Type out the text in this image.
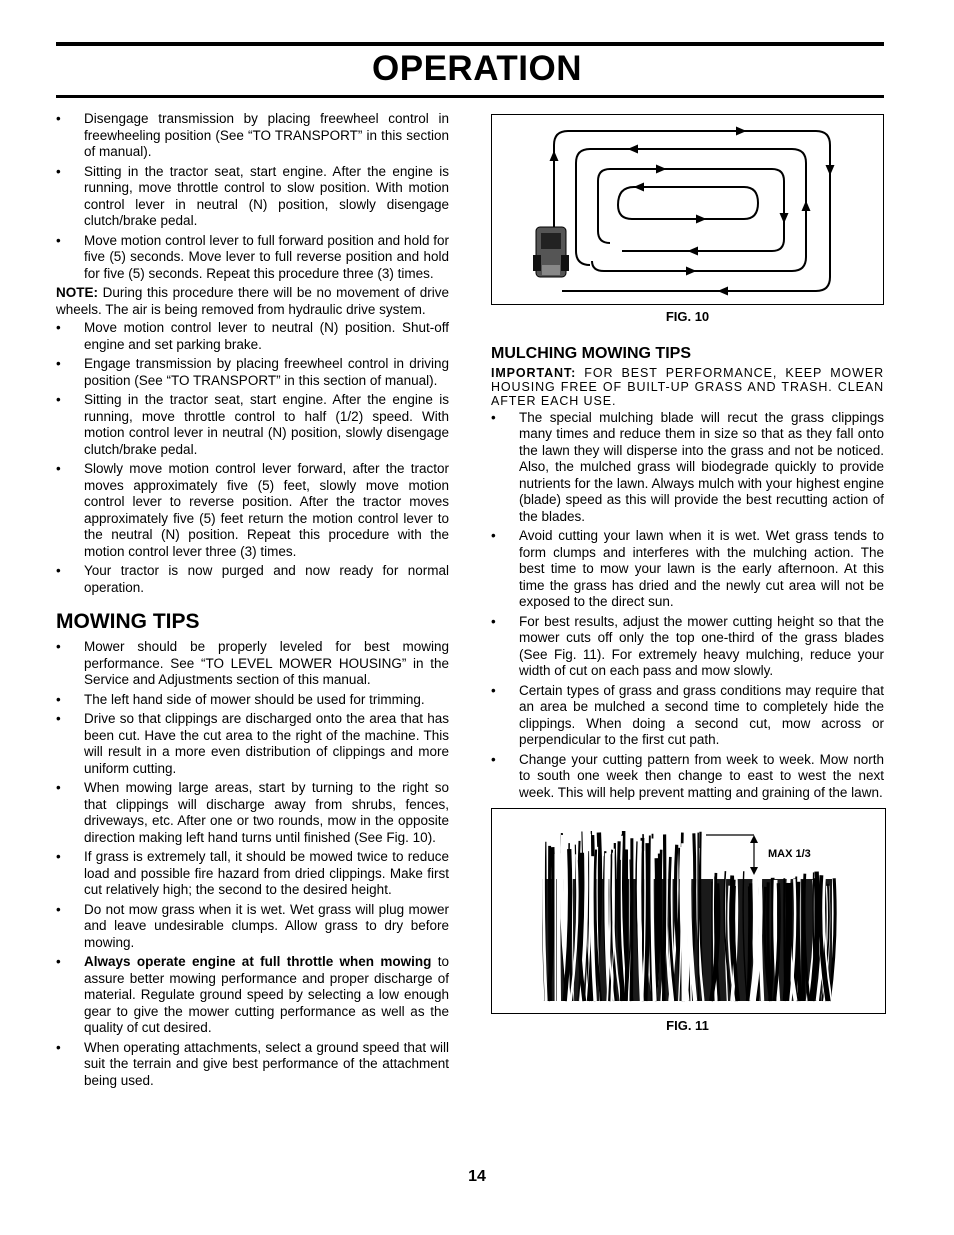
OPERATION
• Disengage transmission by placing freewheel control in freewheeling position (See “TO TRANSPORT” in this section of manual).
• Sitting in the tractor seat, start engine. After the engine is running, move throttle control to slow position. With motion control lever in neutral (N) position, slowly disengage clutch/brake pedal.
• Move motion control lever to full forward position and hold for five (5) seconds. Move lever to full reverse position and hold for five (5) seconds. Repeat this procedure three (3) times.

NOTE: During this procedure there will be no movement of drive wheels. The air is being removed from hydraulic drive system.

• Move motion control lever to neutral (N) position. Shut-off engine and set parking brake.
• Engage transmission by placing freewheel control in driving position (See “TO TRANSPORT” in this section of manual).
• Sitting in the tractor seat, start engine. After the engine is running, move throttle control to half (1/2) speed. With motion control lever in neutral (N) position, slowly disengage clutch/brake pedal.
• Slowly move motion control lever forward, after the tractor moves approximately five (5) feet, slowly move motion control lever to reverse position. After the tractor moves approximately five (5) feet return the motion control lever to the neutral (N) position. Repeat this procedure with the motion control lever three (3) times.
• Your tractor is now purged and now ready for normal operation.
MOWING TIPS
• Mower should be properly leveled for best mowing performance. See “TO LEVEL MOWER HOUSING” in the Service and Adjustments section of this manual.
• The left hand side of mower should be used for trimming.
• Drive so that clippings are discharged onto the area that has been cut. Have the cut area to the right of the machine. This will result in a more even distribution of clippings and more uniform cutting.
• When mowing large areas, start by turning to the right so that clippings will discharge away from shrubs, fences, driveways, etc. After one or two rounds, mow in the opposite direction making left hand turns until finished (See Fig. 10).
• If grass is extremely tall, it should be mowed twice to reduce load and possible fire hazard from dried clippings. Make first cut relatively high; the second to the desired height.
• Do not mow grass when it is wet. Wet grass will plug mower and leave undesirable clumps. Allow grass to dry before mowing.
• Always operate engine at full throttle when mowing to assure better mowing performance and proper discharge of material. Regulate ground speed by selecting a low enough gear to give the mower cutting performance as well as the quality of cut desired.
• When operating attachments, select a ground speed that will suit the terrain and give best performance of the attachment being used.

FIG. 10

MULCHING MOWING TIPS

IMPORTANT: FOR BEST PERFORMANCE, KEEP MOWER HOUSING FREE OF BUILT-UP GRASS AND TRASH. CLEAN AFTER EACH USE.

• The special mulching blade will recut the grass clippings many times and reduce them in size so that as they fall onto the lawn they will disperse into the grass and not be noticed. Also, the mulched grass will biodegrade quickly to provide nutrients for the lawn. Always mulch with your highest engine (blade) speed as this will provide the best recutting action of the blades.
• Avoid cutting your lawn when it is wet. Wet grass tends to form clumps and interferes with the mulching action. The best time to mow your lawn is the early afternoon. At this time the grass has dried and the newly cut area will not be exposed to the direct sun.
• For best results, adjust the mower cutting height so that the mower cuts off only the top one-third of the grass blades (See Fig. 11). For extremely heavy mulching, reduce your width of cut on each pass and mow slowly.
• Certain types of grass and grass conditions may require that an area be mulched a second time to completely hide the clippings. When doing a second cut, mow across or perpendicular to the first cut path.
• Change your cutting pattern from week to week. Mow north to south one week then change to east to west the next week. This will help prevent matting and graining of the lawn.
MAX 1/3

FIG. 11

14
